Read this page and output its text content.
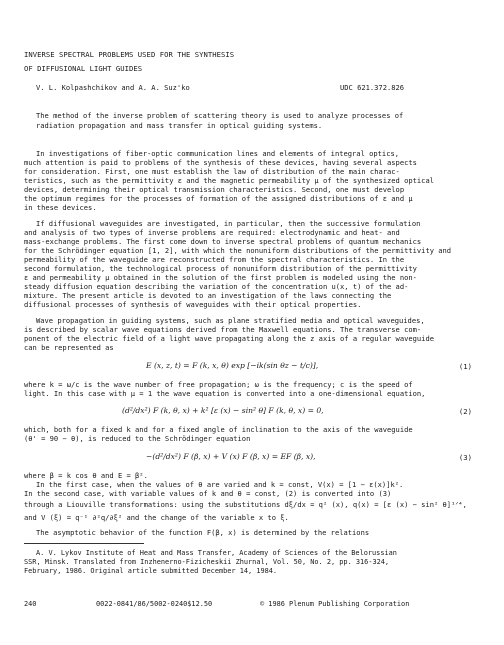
INVERSE SPECTRAL PROBLEMS USED FOR THE SYNTHESIS
OF DIFFUSIONAL LIGHT GUIDES
V. L. Kolpashchikov and A. A. Suz'ko	UDC 621.372.826
The method of the inverse problem of scattering theory is used to analyze processes of
radiation propagation and mass transfer in optical guiding systems.
In investigations of fiber-optic communication lines and elements of integral optics,
much attention is paid to problems of the synthesis of these devices, having several aspects
for consideration. First, one must establish the law of distribution of the main charac-
teristics, such as the permittivity ε and the magnetic permeability μ of the synthesized optical
devices, determining their optical transmission characteristics. Second, one must develop
the optimum regimes for the processes of formation of the assigned distributions of ε and μ
in these devices.
If diffusional waveguides are investigated, in particular, then the successive formulation
and analysis of two types of inverse problems are required: electrodynamic and heat- and
mass-exchange problems. The first come down to inverse spectral problems of quantum mechanics
for the Schrödinger equation [1, 2], with which the nonuniform distributions of the permittivity and
permeability of the waveguide are reconstructed from the spectral characteristics. In the
second formulation, the technological process of nonuniform distribution of the permittivity
ε and permeability μ obtained in the solution of the first problem is modeled using the non-
steady diffusion equation describing the variation of the concentration u(x, t) of the ad-
mixture. The present article is devoted to an investigation of the laws connecting the
diffusional processes of synthesis of waveguides with their optical properties.
Wave propagation in guiding systems, such as plane stratified media and optical waveguides,
is described by scalar wave equations derived from the Maxwell equations. The transverse com-
ponent of the electric field of a light wave propagating along the z axis of a regular waveguide
can be represented as
E (x, z, t) = F (k, x, θ) exp [−ik(sin θz − t/c)],	(1)
where k = ω/c is the wave number of free propagation; ω is the frequency; c is the speed of
light. In this case with μ = 1 the wave equation is converted into a one-dimensional equation,
(d²/dx²) F (k, θ, x) + k² [ε (x) − sin² θ] F (k, θ, x) = 0,	(2)
which, both for a fixed k and for a fixed angle of inclination to the axis of the waveguide
(θ' = 90 − θ), is reduced to the Schrödinger equation
−(d²/dx²) F (β, x) + V (x) F (β, x) = EF (β, x),	(3)
where β = k cos θ and E = β².
In the first case, when the values of θ are varied and k = const, V(x) = [1 − ε(x)]k².
In the second case, with variable values of k and θ = const, (2) is converted into (3)
through a Liouville transformations: using the substitutions dξ/dx = q² (x), q(x) = [ε (x) − sin² θ]¹ᐟ⁴,
and V (ξ) = q⁻¹ ∂²q/∂ξ² and the change of the variable x to ξ.
The asymptotic behavior of the function F(β, x) is determined by the relations
A. V. Lykov Institute of Heat and Mass Transfer, Academy of Sciences of the Belorussian
SSR, Minsk. Translated from Inzhenerno-Fizicheskii Zhurnal, Vol. 50, No. 2, pp. 316-324,
February, 1986. Original article submitted December 14, 1984.
240	0022-0841/86/5002-0240$12.50	© 1986 Plenum Publishing Corporation
